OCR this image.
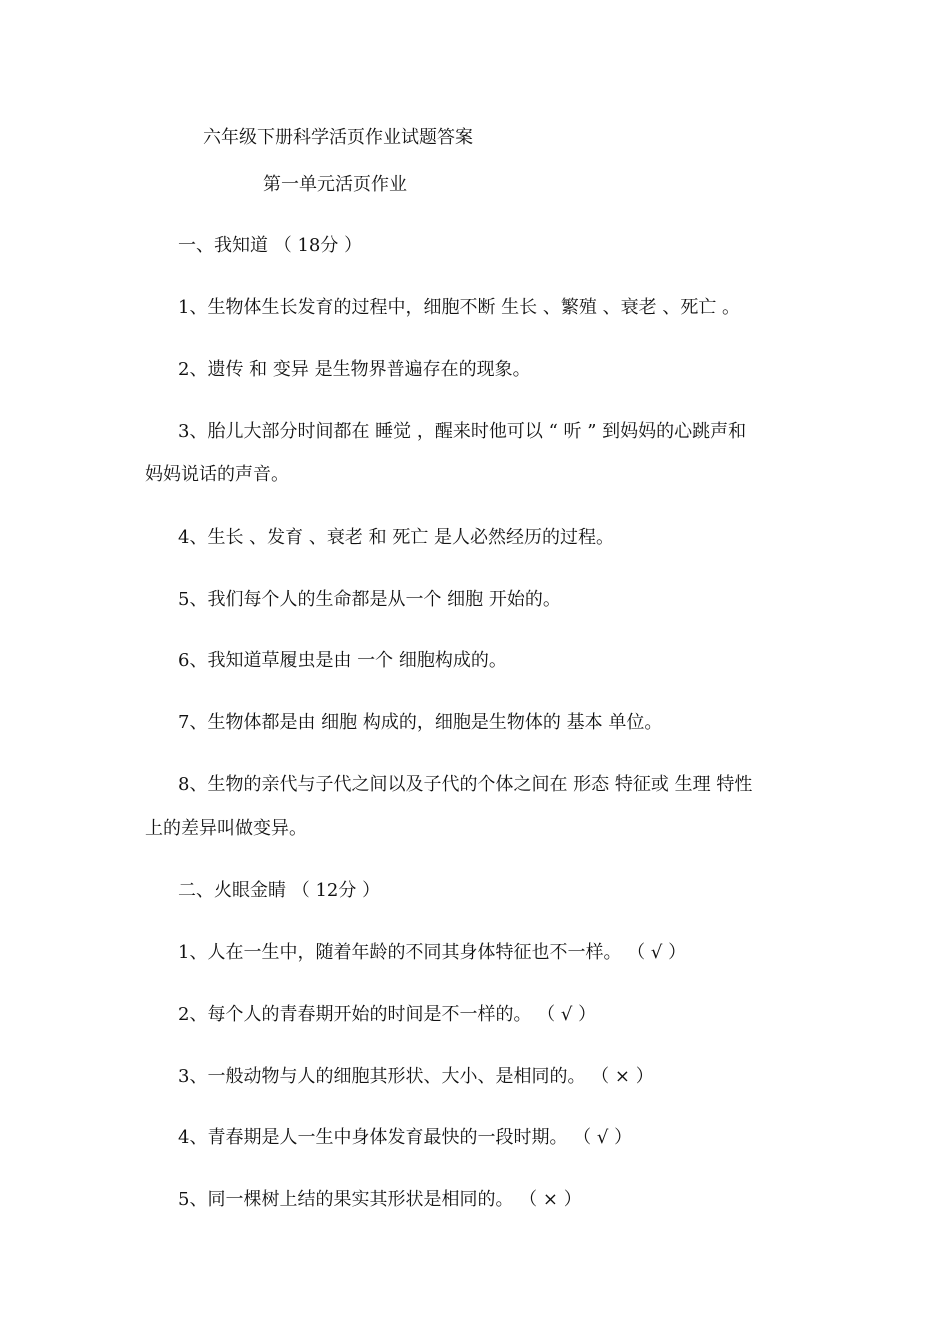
六年级下册科学活页作业试题答案

第一单元活页作业

一、我知道 （ 18分 ）

1、生物体生长发育的过程中，细胞不断 生长 、繁殖 、衰老 、死亡 。

2、遗传 和 变异 是生物界普遍存在的现象。

3、胎儿大部分时间都在 睡觉 ，醒来时他可以 “ 听 ” 到妈妈的心跳声和

妈妈说话的声音。

4、生长 、发育 、衰老 和 死亡 是人必然经历的过程。

5、我们每个人的生命都是从一个 细胞 开始的。

6、我知道草履虫是由 一个 细胞构成的。

7、生物体都是由 细胞 构成的，细胞是生物体的 基本 单位。

8、生物的亲代与子代之间以及子代的个体之间在 形态 特征或 生理 特性

上的差异叫做变异。

二、火眼金睛 （ 12分 ）

1、人在一生中，随着年龄的不同其身体特征也不一样。 （ √ ）

2、每个人的青春期开始的时间是不一样的。 （ √ ）

3、一般动物与人的细胞其形状、大小、是相同的。 （ × ）

4、青春期是人一生中身体发育最快的一段时期。 （ √ ）

5、同一棵树上结的果实其形状是相同的。 （ × ）
